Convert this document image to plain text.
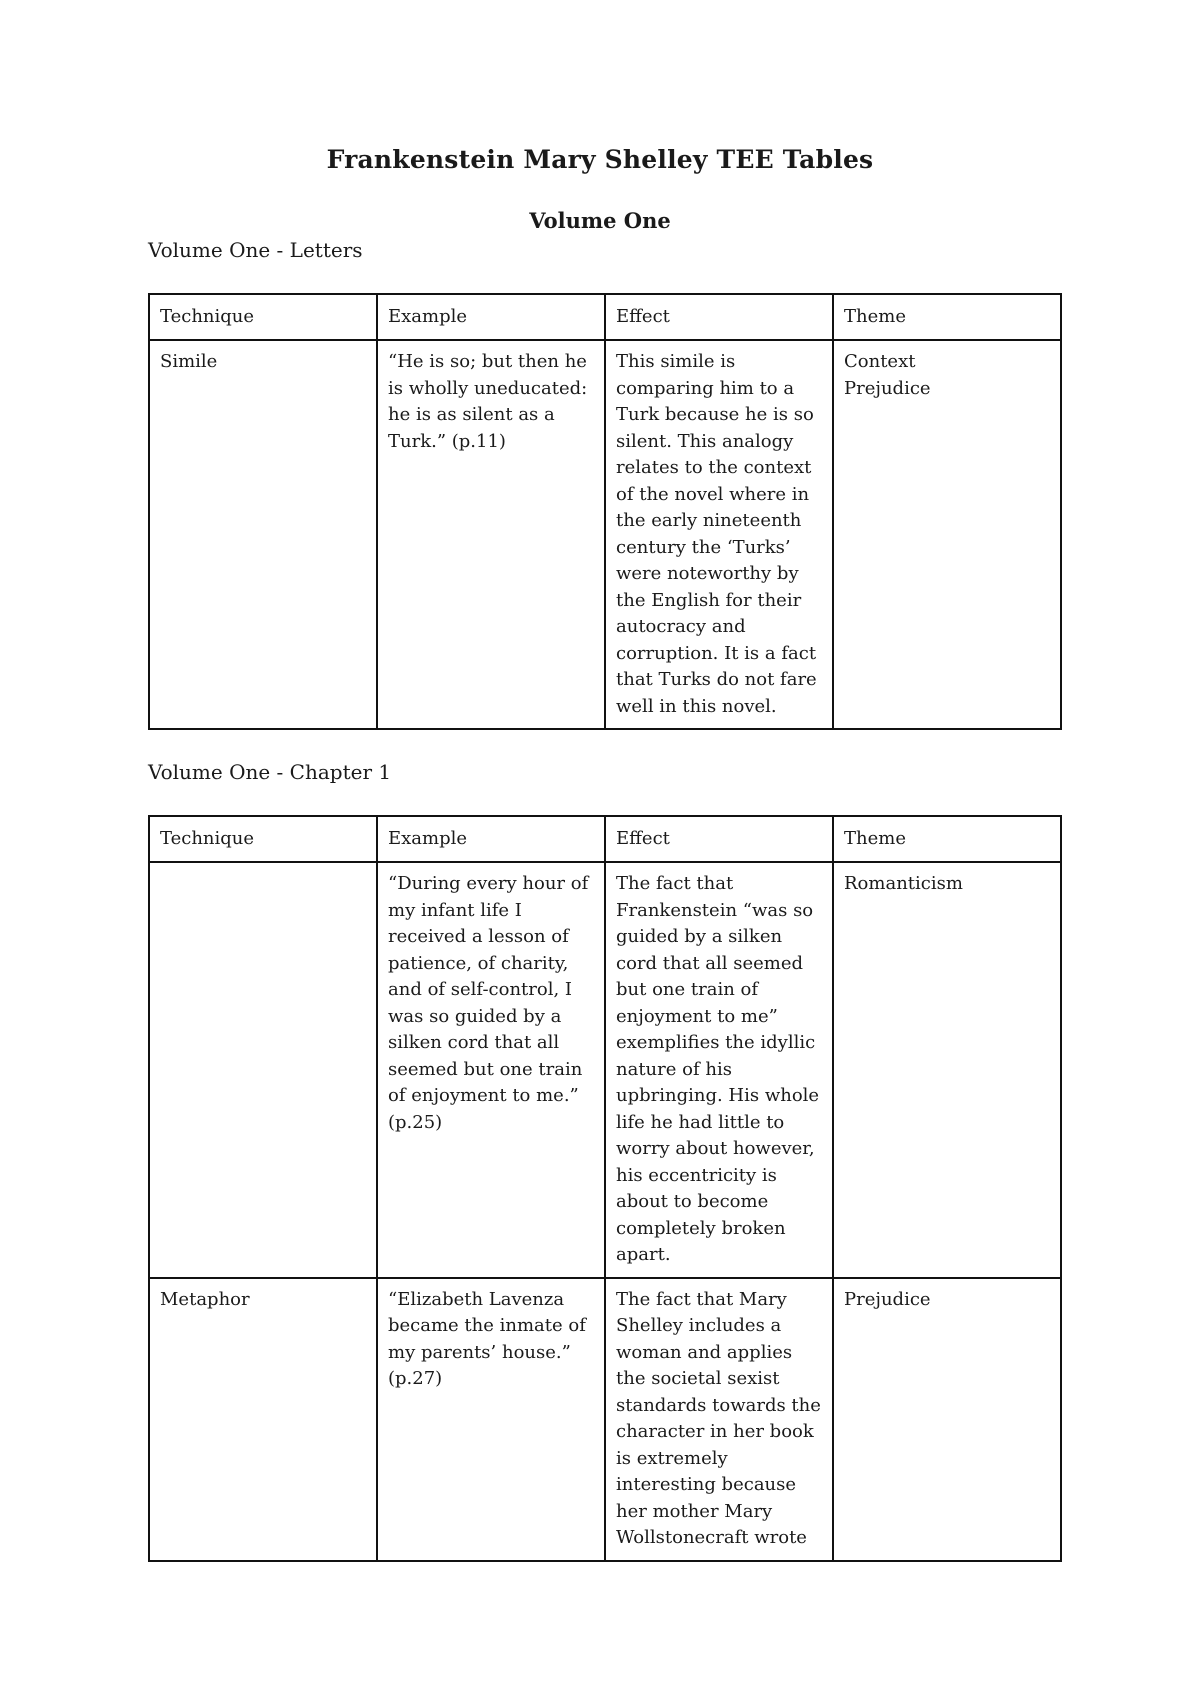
Frankenstein Mary Shelley TEE Tables
Volume One

Volume One - Letters

Technique	Example	Effect	Theme
Simile	“He is so; but then he is wholly uneducated: he is as silent as a Turk.” (p.11)	This simile is comparing him to a Turk because he is so silent. This analogy relates to the context of the novel where in the early nineteenth century the ‘Turks’ were noteworthy by the English for their autocracy and corruption. It is a fact that Turks do not fare well in this novel.	Context
Prejudice

Volume One - Chapter 1

Technique	Example	Effect	Theme
	“During every hour of my infant life I received a lesson of patience, of charity, and of self-control, I was so guided by a silken cord that all seemed but one train of enjoyment to me.” (p.25)	The fact that Frankenstein “was so guided by a silken cord that all seemed but one train of enjoyment to me” exemplifies the idyllic nature of his upbringing. His whole life he had little to worry about however, his eccentricity is about to become completely broken apart.	Romanticism

Metaphor	“Elizabeth Lavenza became the inmate of my parents’ house.” (p.27)	The fact that Mary Shelley includes a woman and applies the societal sexist standards towards the character in her book is extremely interesting because her mother Mary Wollstonecraft wrote	Prejudice
